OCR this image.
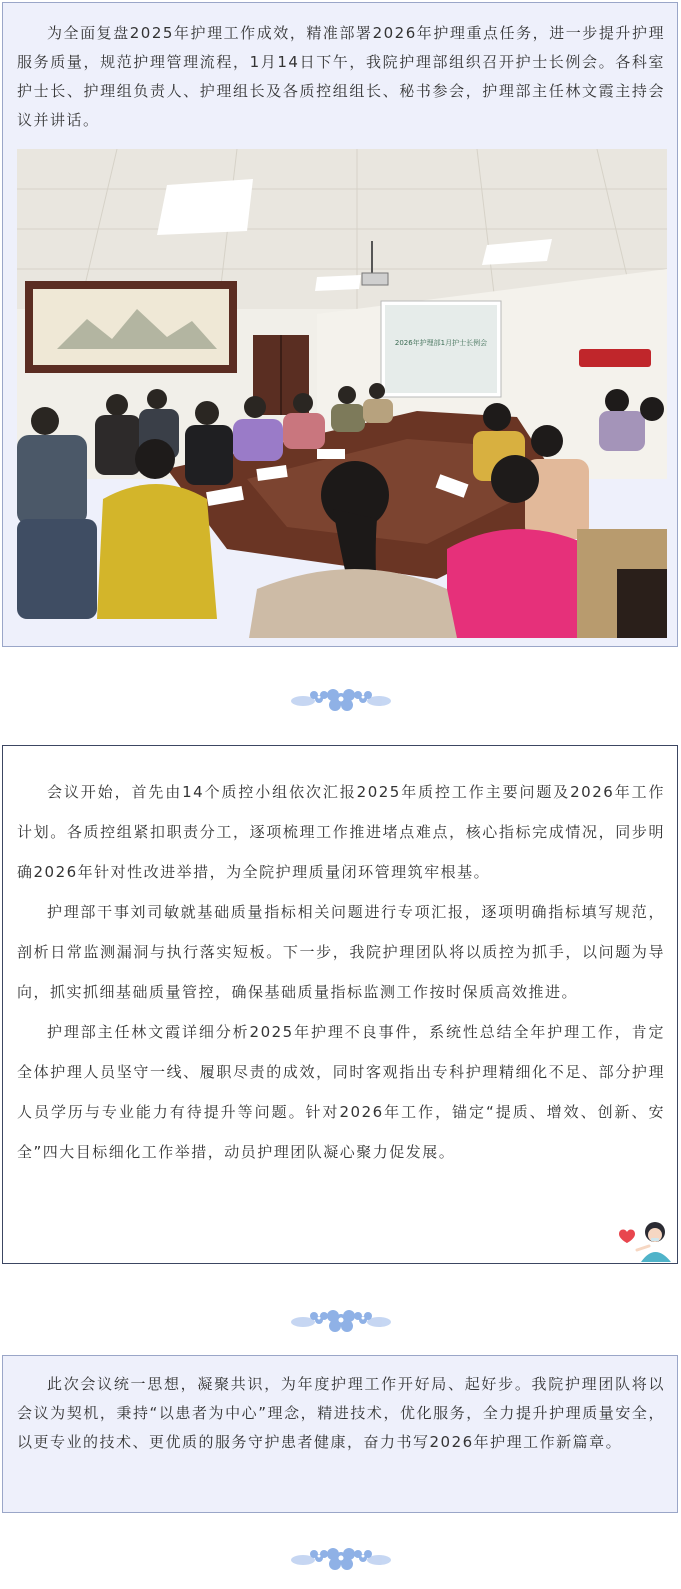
为全面复盘2025年护理工作成效，精准部署2026年护理重点任务，进一步提升护理服务质量，规范护理管理流程，1月14日下午，我院护理部组织召开护士长例会。各科室护士长、护理组负责人、护理组长及各质控组组长、秘书参会，护理部主任林文霞主持会议并讲话。

2026年护理部1月护士长例会

会议开始，首先由14个质控小组依次汇报2025年质控工作主要问题及2026年工作计划。各质控组紧扣职责分工，逐项梳理工作推进堵点难点，核心指标完成情况，同步明确2026年针对性改进举措，为全院护理质量闭环管理筑牢根基。

护理部干事刘司敏就基础质量指标相关问题进行专项汇报，逐项明确指标填写规范，剖析日常监测漏洞与执行落实短板。下一步，我院护理团队将以质控为抓手，以问题为导向，抓实抓细基础质量管控，确保基础质量指标监测工作按时保质高效推进。

护理部主任林文霞详细分析2025年护理不良事件，系统性总结全年护理工作，肯定全体护理人员坚守一线、履职尽责的成效，同时客观指出专科护理精细化不足、部分护理人员学历与专业能力有待提升等问题。针对2026年工作，锚定“提质、增效、创新、安全”四大目标细化工作举措，动员护理团队凝心聚力促发展。

此次会议统一思想，凝聚共识，为年度护理工作开好局、起好步。我院护理团队将以会议为契机，秉持“以患者为中心”理念，精进技术，优化服务，全力提升护理质量安全，以更专业的技术、更优质的服务守护患者健康，奋力书写2026年护理工作新篇章。
